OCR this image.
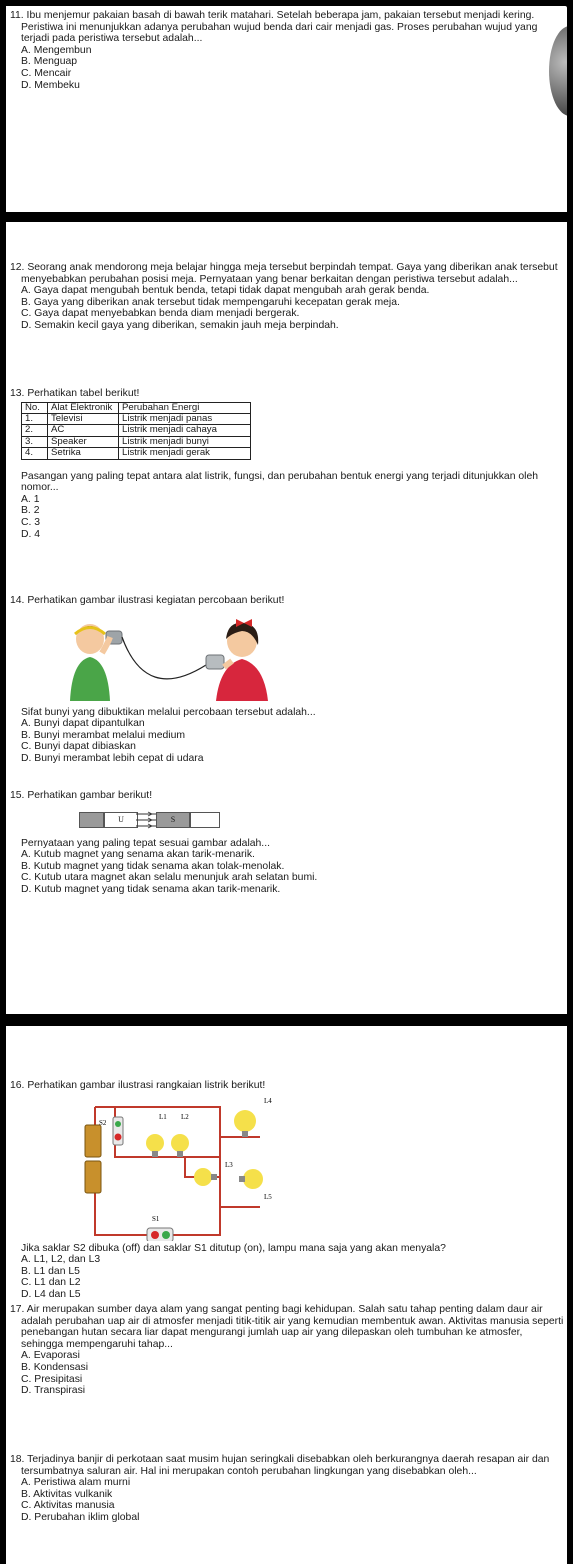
11. Ibu menjemur pakaian basah di bawah terik matahari. Setelah beberapa jam, pakaian tersebut menjadi kering. Peristiwa ini menunjukkan adanya perubahan wujud benda dari cair menjadi gas. Proses perubahan wujud yang terjadi pada peristiwa tersebut adalah...

A. Mengembun
B. Menguap
C. Mencair
D. Membeku

12. Seorang anak mendorong meja belajar hingga meja tersebut berpindah tempat. Gaya yang diberikan anak tersebut menyebabkan perubahan posisi meja. Pernyataan yang benar berkaitan dengan peristiwa tersebut adalah...

A. Gaya dapat mengubah bentuk benda, tetapi tidak dapat mengubah arah gerak benda.
B. Gaya yang diberikan anak tersebut tidak mempengaruhi kecepatan gerak meja.
C. Gaya dapat menyebabkan benda diam menjadi bergerak.
D. Semakin kecil gaya yang diberikan, semakin jauh meja berpindah.

13. Perhatikan tabel berikut!

No.	Alat Elektronik	Perubahan Energi
1.	Televisi	Listrik menjadi panas
2.	AC	Listrik menjadi cahaya
3.	Speaker	Listrik menjadi bunyi
4.	Setrika	Listrik menjadi gerak

Pasangan yang paling tepat antara alat listrik, fungsi, dan perubahan bentuk energi yang terjadi ditunjukkan oleh nomor...

A. 1
B. 2
C. 3
D. 4

14. Perhatikan gambar ilustrasi kegiatan percobaan berikut!

Sifat bunyi yang dibuktikan melalui percobaan tersebut adalah...

A. Bunyi dapat dipantulkan
B. Bunyi merambat melalui medium
C. Bunyi dapat dibiaskan
D. Bunyi merambat lebih cepat di udara

15. Perhatikan gambar berikut!

U	S

Pernyataan yang paling tepat sesuai gambar adalah...

A. Kutub magnet yang senama akan tarik-menarik.
B. Kutub magnet yang tidak senama akan tolak-menolak.
C. Kutub utara magnet akan selalu menunjuk arah selatan bumi.
D. Kutub magnet yang tidak senama akan tarik-menarik.

16. Perhatikan gambar ilustrasi rangkaian listrik berikut!

S2
S1
L1 L2
L3
L4
L5

Jika saklar S2 dibuka (off) dan saklar S1 ditutup (on), lampu mana saja yang akan menyala?

A. L1, L2, dan L3
B. L1 dan L5
C. L1 dan L2
D. L4 dan L5

17. Air merupakan sumber daya alam yang sangat penting bagi kehidupan. Salah satu tahap penting dalam daur air adalah perubahan uap air di atmosfer menjadi titik-titik air yang kemudian membentuk awan. Aktivitas manusia seperti penebangan hutan secara liar dapat mengurangi jumlah uap air yang dilepaskan oleh tumbuhan ke atmosfer, sehingga mempengaruhi tahap...

A. Evaporasi
B. Kondensasi
C. Presipitasi
D. Transpirasi

18. Terjadinya banjir di perkotaan saat musim hujan seringkali disebabkan oleh berkurangnya daerah resapan air dan tersumbatnya saluran air. Hal ini merupakan contoh perubahan lingkungan yang disebabkan oleh...

A. Peristiwa alam murni
B. Aktivitas vulkanik
C. Aktivitas manusia
D. Perubahan iklim global
